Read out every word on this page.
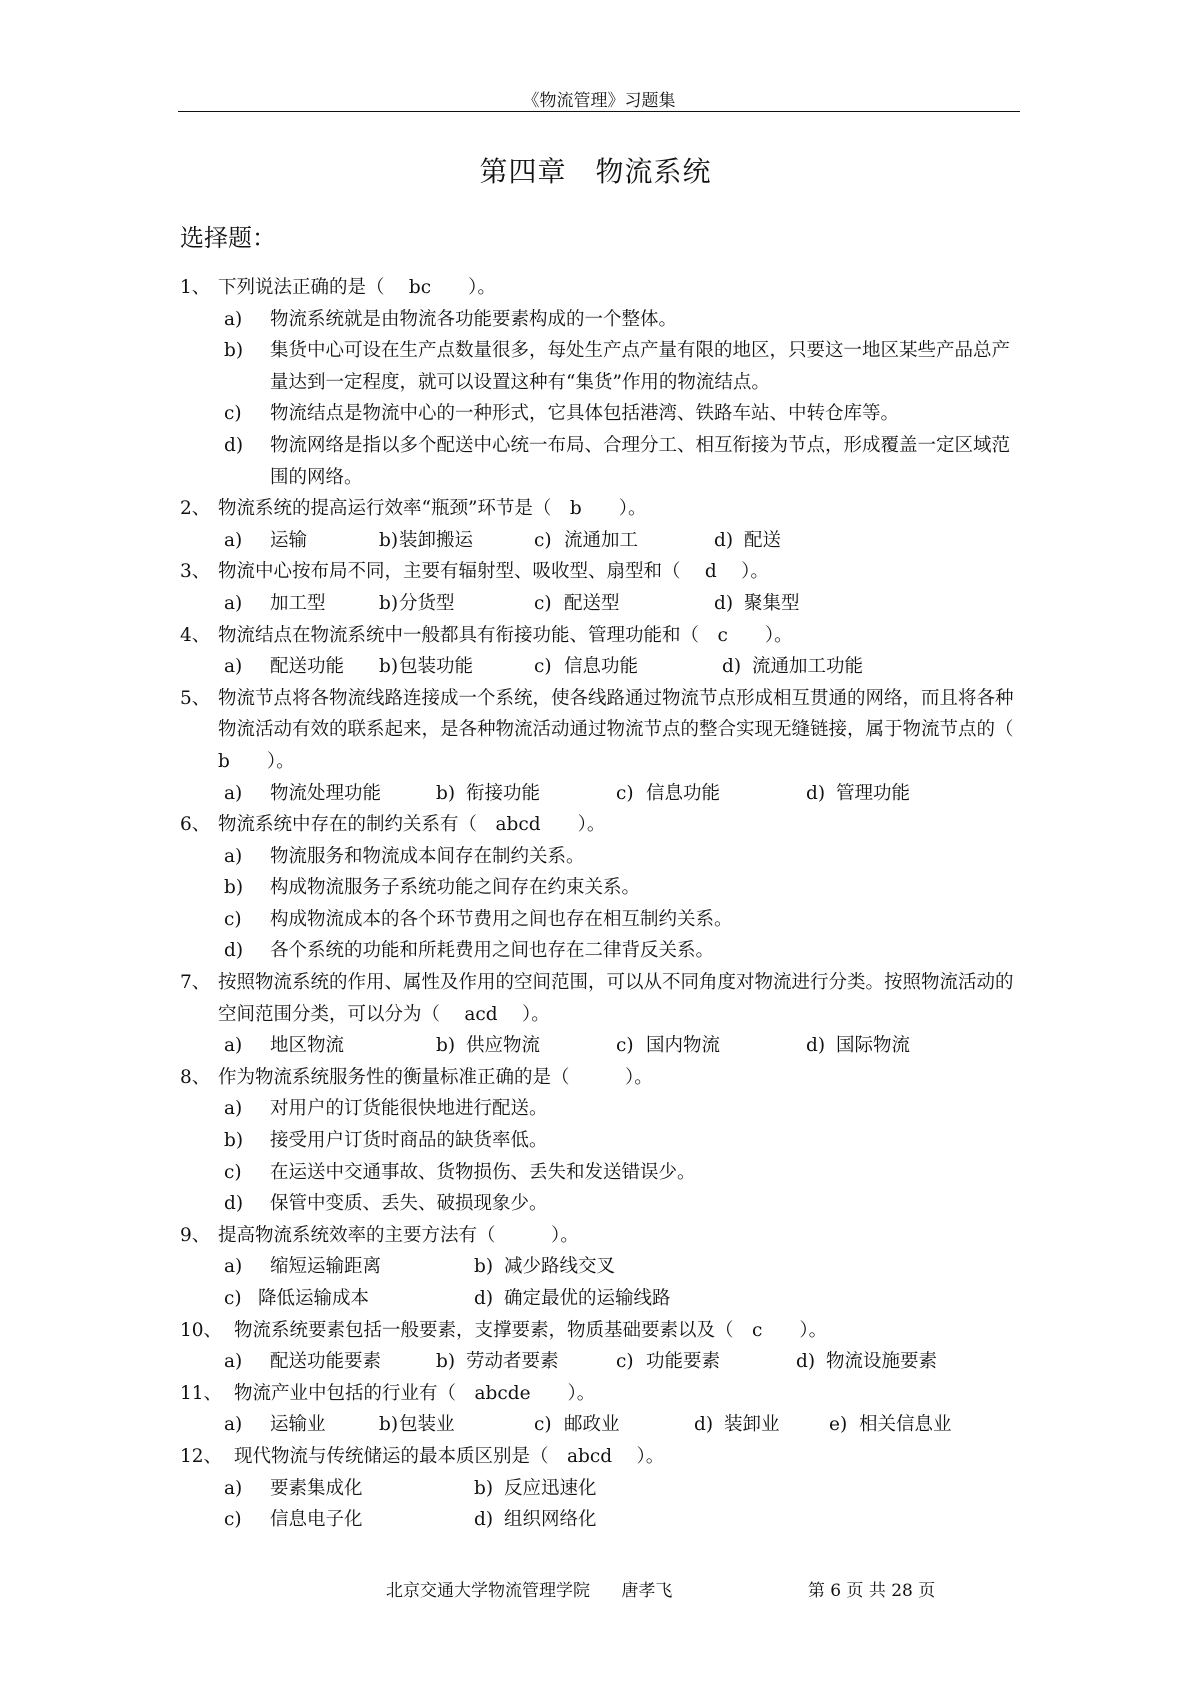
《物流管理》习题集
第四章　物流系统
选择题：
1、 下列说法正确的是（　 bc　　）。
a)	物流系统就是由物流各功能要素构成的一个整体。
b)	集货中心可设在生产点数量很多，每处生产点产量有限的地区，只要这一地区某些产品总产量达到一定程度，就可以设置这种有“集货”作用的物流结点。
c)	物流结点是物流中心的一种形式，它具体包括港湾、铁路车站、中转仓库等。
d)	物流网络是指以多个配送中心统一布局、合理分工、相互衔接为节点，形成覆盖一定区域范围的网络。
2、 物流系统的提高运行效率“瓶颈”环节是（　b　　）。
a)	运输	b) 装卸搬运	c) 流通加工	d) 配送
3、 物流中心按布局不同，主要有辐射型、吸收型、扇型和（　 d　 ）。
a)	加工型	b) 分货型	c) 配送型	d) 聚集型
4、 物流结点在物流系统中一般都具有衔接功能、管理功能和（　c　　）。
a)	配送功能 b) 包装功能	c) 信息功能	d) 流通加工功能
5、 物流节点将各物流线路连接成一个系统，使各线路通过物流节点形成相互贯通的网络，而且将各种物流活动有效的联系起来，是各种物流活动通过物流节点的整合实现无缝链接，属于物流节点的（　b　　）。
a)	物流处理功能	b) 衔接功能	c) 信息功能	d) 管理功能
6、 物流系统中存在的制约关系有（　abcd　　）。
a)	物流服务和物流成本间存在制约关系。
b)	构成物流服务子系统功能之间存在约束关系。
c)	构成物流成本的各个环节费用之间也存在相互制约关系。
d)	各个系统的功能和所耗费用之间也存在二律背反关系。
7、 按照物流系统的作用、属性及作用的空间范围，可以从不同角度对物流进行分类。按照物流活动的空间范围分类，可以分为（　 acd　 ）。
a)	地区物流	b) 供应物流	c) 国内物流	d) 国际物流
8、 作为物流系统服务性的衡量标准正确的是（　　　）。
a)	对用户的订货能很快地进行配送。
b)	接受用户订货时商品的缺货率低。
c)	在运送中交通事故、货物损伤、丢失和发送错误少。
d)	保管中变质、丢失、破损现象少。
9、 提高物流系统效率的主要方法有（　　　）。
a)	缩短运输距离	b) 减少路线交叉
c) 降低运输成本	d) 确定最优的运输线路
10、 物流系统要素包括一般要素，支撑要素，物质基础要素以及（　c　　）。
a)	配送功能要素	b) 劳动者要素	c) 功能要素	d) 物流设施要素
11、 物流产业中包括的行业有（　abcde　　）。
a)	运输业	b) 包装业	c) 邮政业	d) 装卸业	e) 相关信息业
12、 现代物流与传统储运的最本质区别是（　abcd　 ）。
a)	要素集成化	b) 反应迅速化
c)	信息电子化	d) 组织网络化
北京交通大学物流管理学院 唐孝飞	第 6 页 共 28 页
